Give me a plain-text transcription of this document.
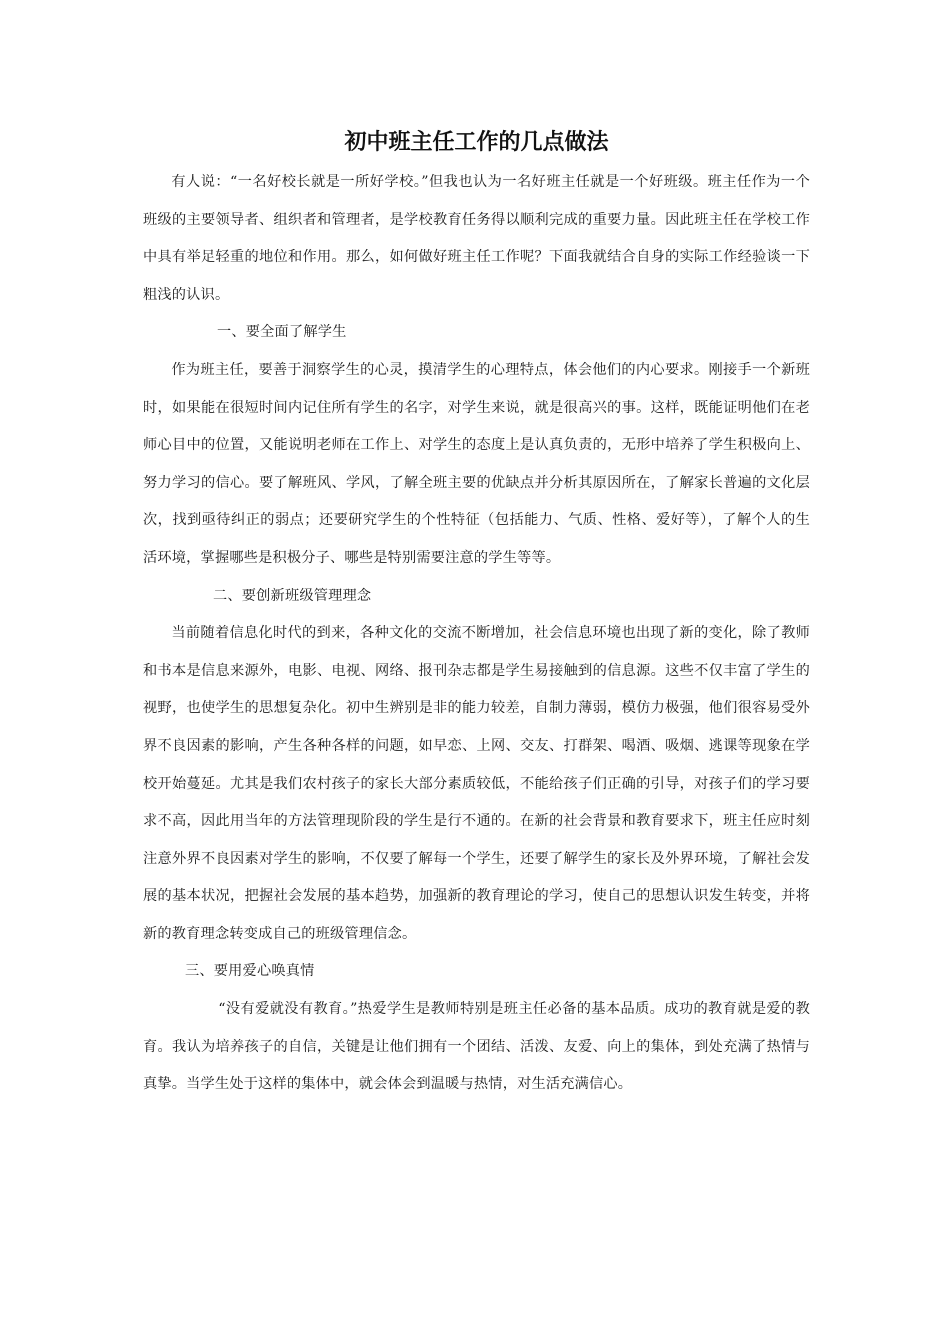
初中班主任工作的几点做法

有人说：“一名好校长就是一所好学校。”但我也认为一名好班主任就是一个好班级。班主任作为一个班级的主要领导者、组织者和管理者，是学校教育任务得以顺利完成的重要力量。因此班主任在学校工作中具有举足轻重的地位和作用。那么，如何做好班主任工作呢？下面我就结合自身的实际工作经验谈一下粗浅的认识。

一、要全面了解学生

作为班主任，要善于洞察学生的心灵，摸清学生的心理特点，体会他们的内心要求。刚接手一个新班时，如果能在很短时间内记住所有学生的名字，对学生来说，就是很高兴的事。这样，既能证明他们在老师心目中的位置，又能说明老师在工作上、对学生的态度上是认真负责的，无形中培养了学生积极向上、努力学习的信心。要了解班风、学风，了解全班主要的优缺点并分析其原因所在，了解家长普遍的文化层次，找到亟待纠正的弱点；还要研究学生的个性特征（包括能力、气质、性格、爱好等），了解个人的生活环境，掌握哪些是积极分子、哪些是特别需要注意的学生等等。

二、要创新班级管理理念

当前随着信息化时代的到来，各种文化的交流不断增加，社会信息环境也出现了新的变化，除了教师和书本是信息来源外，电影、电视、网络、报刊杂志都是学生易接触到的信息源。这些不仅丰富了学生的视野，也使学生的思想复杂化。初中生辨别是非的能力较差，自制力薄弱，模仿力极强，他们很容易受外界不良因素的影响，产生各种各样的问题，如早恋、上网、交友、打群架、喝酒、吸烟、逃课等现象在学校开始蔓延。尤其是我们农村孩子的家长大部分素质较低，不能给孩子们正确的引导，对孩子们的学习要求不高，因此用当年的方法管理现阶段的学生是行不通的。在新的社会背景和教育要求下，班主任应时刻注意外界不良因素对学生的影响，不仅要了解每一个学生，还要了解学生的家长及外界环境，了解社会发展的基本状况，把握社会发展的基本趋势，加强新的教育理论的学习，使自己的思想认识发生转变，并将新的教育理念转变成自己的班级管理信念。

三、要用爱心唤真情

“没有爱就没有教育。”热爱学生是教师特别是班主任必备的基本品质。成功的教育就是爱的教育。我认为培养孩子的自信，关键是让他们拥有一个团结、活泼、友爱、向上的集体，到处充满了热情与真挚。当学生处于这样的集体中，就会体会到温暖与热情，对生活充满信心。
